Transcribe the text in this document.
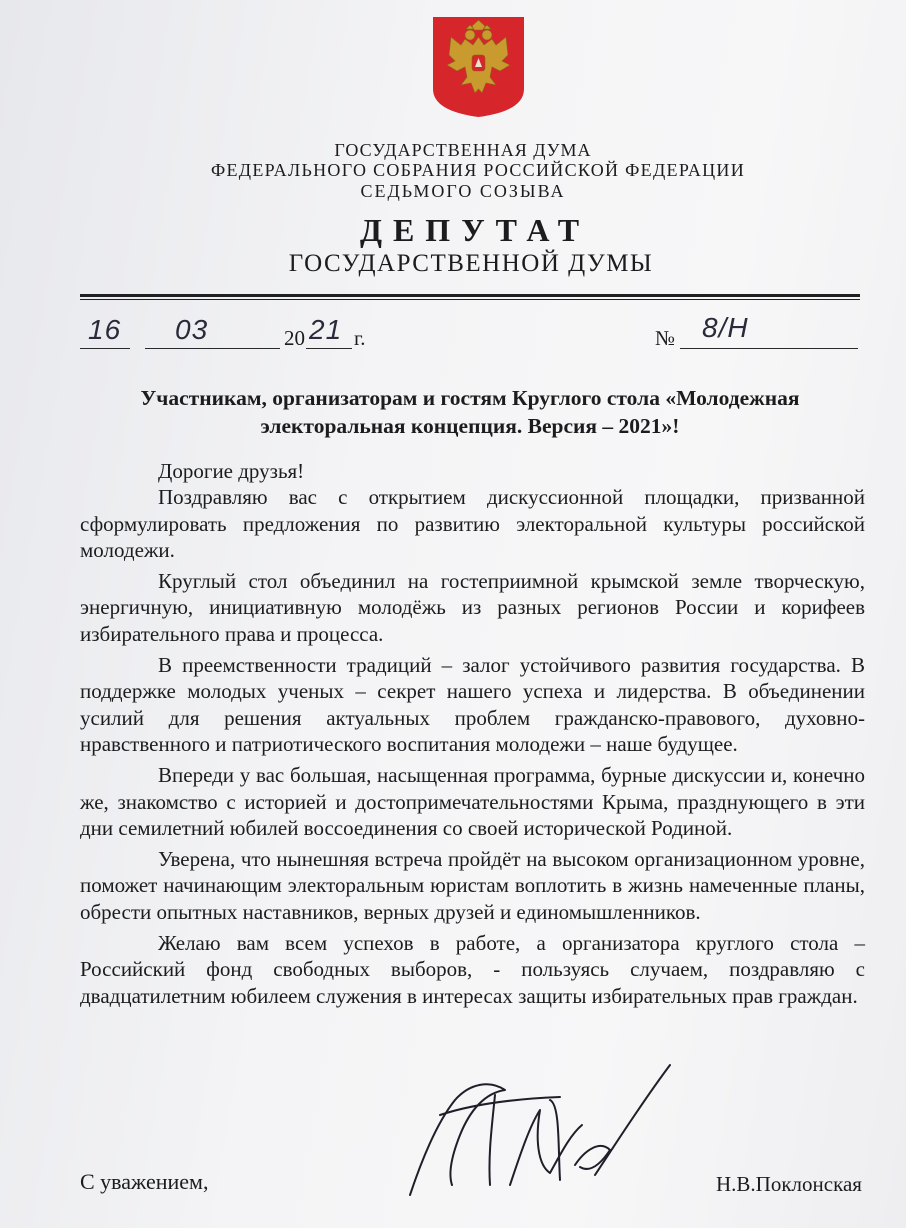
ГОСУДАРСТВЕННАЯ ДУМА
ФЕДЕРАЛЬНОГО СОБРАНИЯ РОССИЙСКОЙ ФЕДЕРАЦИИ
СЕДЬМОГО СОЗЫВА
ДЕПУТАТ
ГОСУДАРСТВЕННОЙ ДУМЫ
16 03	20 21 г.	№ 8/Н
Участникам, организаторам и гостям Круглого стола «Молодежная
электоральная концепция. Версия – 2021»!

Дорогие друзья!

Поздравляю вас с открытием дискуссионной площадки, призванной сформулировать предложения по развитию электоральной культуры российской молодежи.

Круглый стол объединил на гостеприимной крымской земле творческую, энергичную, инициативную молодёжь из разных регионов России и корифеев избирательного права и процесса.

В преемственности традиций – залог устойчивого развития государства. В поддержке молодых ученых – секрет нашего успеха и лидерства. В объединении усилий для решения актуальных проблем гражданско-правового, духовно-нравственного и патриотического воспитания молодежи – наше будущее.

Впереди у вас большая, насыщенная программа, бурные дискуссии и, конечно же, знакомство с историей и достопримечательностями Крыма, празднующего в эти дни семилетний юбилей воссоединения со своей исторической Родиной.

Уверена, что нынешняя встреча пройдёт на высоком организационном уровне, поможет начинающим электоральным юристам воплотить в жизнь намеченные планы, обрести опытных наставников, верных друзей и единомышленников.

Желаю вам всем успехов в работе, а организатора круглого стола – Российский фонд свободных выборов, - пользуясь случаем, поздравляю с двадцатилетним юбилеем служения в интересах защиты избирательных прав граждан.

С уважением,	Н.В.Поклонская
